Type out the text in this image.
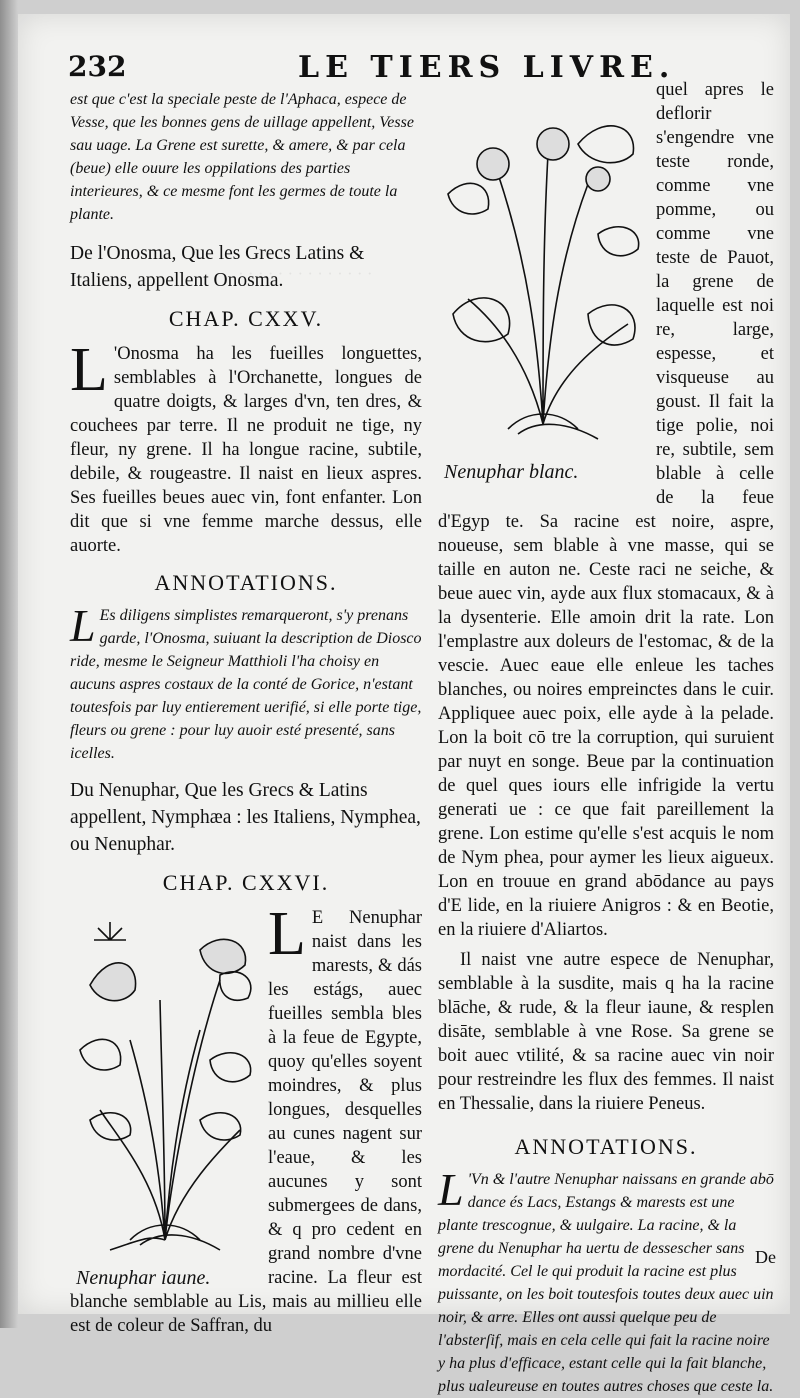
· · · · · · · · · · · · · ·
232	LE TIERS LIVRE.

est que c'est la speciale peste de l'Aphaca, espece de Vesse, que les bonnes gens de uillage appellent, Vesse sau uage. La Grene est surette, & amere, & par cela (beue) elle ouure les oppilations des parties interieures, & ce mesme font les germes de toute la plante.

De l'Onosma, Que les Grecs Latins & Italiens, appellent Onosma.

CHAP. CXXV.

L 'Onosma ha les fueilles longuettes, semblables à l'Orchanette, longues de quatre doigts, & larges d'vn, ten dres, & couchees par terre. Il ne produit ne tige, ny fleur, ny grene. Il ha longue racine, subtile, debile, & rougeastre. Il naist en lieux aspres. Ses fueilles beues auec vin, font enfanter. Lon dit que si vne femme marche dessus, elle auorte.

ANNOTATIONS.

L Es diligens simplistes remarqueront, s'y prenans garde, l'Onosma, suiuant la description de Diosco ride, mesme le Seigneur Matthioli l'ha choisy en aucuns aspres costaux de la conté de Gorice, n'estant toutesfois par luy entierement uerifié, si elle porte tige, fleurs ou grene : pour luy auoir esté presenté, sans icelles.

Du Nenuphar, Que les Grecs & Latins appellent, Nymphæa : les Italiens, Nymphea, ou Nenuphar.

CHAP. CXXVI.
Nenuphar iaune.

L E Nenuphar naist dans les marests, & dás les estágs, auec fueilles sembla bles à la feue de Egypte, quoy qu'elles soyent moindres, & plus longues, desquelles au cunes nagent sur l'eaue, & les aucunes y sont submergees de dans, & q pro cedent en grand nombre d'vne racine. La fleur est blanche semblable au Lis, mais au millieu elle est de coleur de Saffran, du

Nenuphar blanc.

quel apres le deflorir s'engendre vne teste ronde, comme vne pomme, ou comme vne teste de Pauot, la grene de laquelle est noi re, large, espesse, et visqueuse au goust. Il fait la tige polie, noi re, subtile, sem blable à celle de la feue d'Egyp te. Sa racine est noire, aspre, noueuse, sem blable à vne masse, qui se taille en auton ne. Ceste raci ne seiche, & beue auec vin, ayde aux flux stomacaux, & à la dysenterie. Elle amoin drit la rate. Lon l'emplastre aux doleurs de l'estomac, & de la vescie. Auec eaue elle enleue les taches blanches, ou noires empreinctes dans le cuir. Appliquee auec poix, elle ayde à la pelade. Lon la boit cō tre la corruption, qui suruient par nuyt en songe. Beue par la continuation de quel ques iours elle infrigide la vertu generati ue : ce que fait pareillement la grene. Lon estime qu'elle s'est acquis le nom de Nym phea, pour aymer les lieux aigueux. Lon en trouue en grand abōdance au pays d'E lide, en la riuiere Anigros : & en Beotie, en la riuiere d'Aliartos.

Il naist vne autre espece de Nenuphar, semblable à la susdite, mais q ha la racine blāche, & rude, & la fleur iaune, & resplen disāte, semblable à vne Rose. Sa grene se boit auec vtilité, & sa racine auec vin noir pour restreindre les flux des femmes. Il naist en Thessalie, dans la riuiere Peneus.

ANNOTATIONS.

L 'Vn & l'autre Nenuphar naissans en grande abō dance és Lacs, Estangs & marests est une plante trescognue, & uulgaire. La racine, & la grene du Nenuphar ha uertu de dessescher sans mordacité. Cel le qui produit la racine est plus puissante, on les boit toutesfois toutes deux auec uin noir, & arre. Elles ont aussi quelque peu de l'absterſif, mais en cela celle qui fait la racine noire y ha plus d'efficace, estant celle qui la fait blanche, plus ualeureuse en toutes autres choses que ceste la.

De
